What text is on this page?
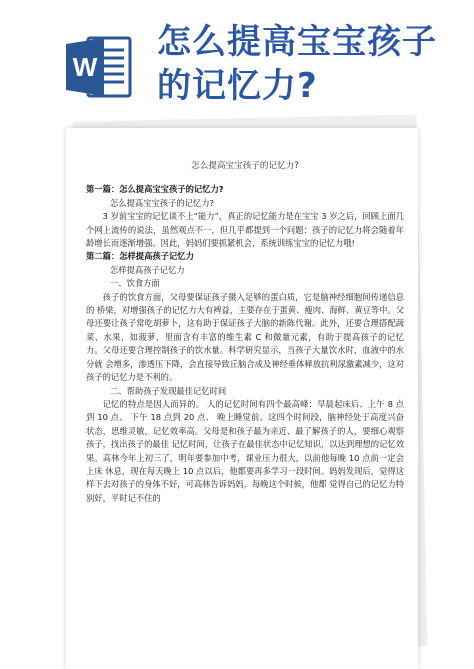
W
怎么提高宝宝孩子
的记忆力?

怎么提高宝宝孩子的记忆力?

第一篇：怎么提高宝宝孩子的记忆力?

怎么提高宝宝孩子的记忆力?

3 岁前宝宝的记忆谈不上“能力”，真正的记忆能力是在宝宝 3 岁之后，回顾上面几个网上流传的说法，虽然观点不一，但几乎都提到一个问题：孩子的记忆力将会随着年龄增长而逐渐增强。因此，妈妈们要抓紧机会，系统训练宝宝的记忆力哦!

第二篇：怎样提高孩子记忆力

怎样提高孩子记忆力

一、饮食方面

孩子的饮食方面，父母要保证孩子摄入足够的蛋白质，它是脑神经细胞间传递信息的 桥梁，对增强孩子的记忆力大有裨益，主要存在于蛋黄、瘦肉、海鲜、黄豆等中。父母还要让孩子常吃胡萝卜，这有助于保证孩子大脑的新陈代谢。此外，还要合理搭配蔬菜、水果，如菠萝，里面含有丰富的维生素 C 和微量元素，有助于提高孩子的记忆力。父母还要合理控制孩子的饮水量。科学研究显示，当孩子大量饮水时，血液中的水分就 会增多，渗透压下降，会直接导致丘脑合成及神经垂体释放抗利尿激素减少，这对孩子的记忆力是不利的。

二、帮助孩子发现最佳记忆时间

记忆的特点是因人而异的。 人的记忆时间有四个最高峰：早晨起床后、上午 8 点到 10 点、 下午 18 点到 20 点、 晚上睡觉前。这四个时间段，脑神经处于高度兴奋状态，思维灵敏，记忆效率高。父母是和孩子最为亲近、最了解孩子的人，要细心观察孩子，找出孩子的最佳 记忆时间，让孩子在最佳状态中记忆知识，以达到理想的记忆效果。高林今年上初三了，明年要参加中考，课业压力很大，以前他每晚 10 点前一定会上床 休息，现在每天晚上 10 点以后，他都要再多学习一段时间。妈妈发现后，觉得这样下去对孩子的身体不好，可高林告诉妈妈，每晚这个时候，他都 觉得自己的记忆力特别好，平时记不住的
